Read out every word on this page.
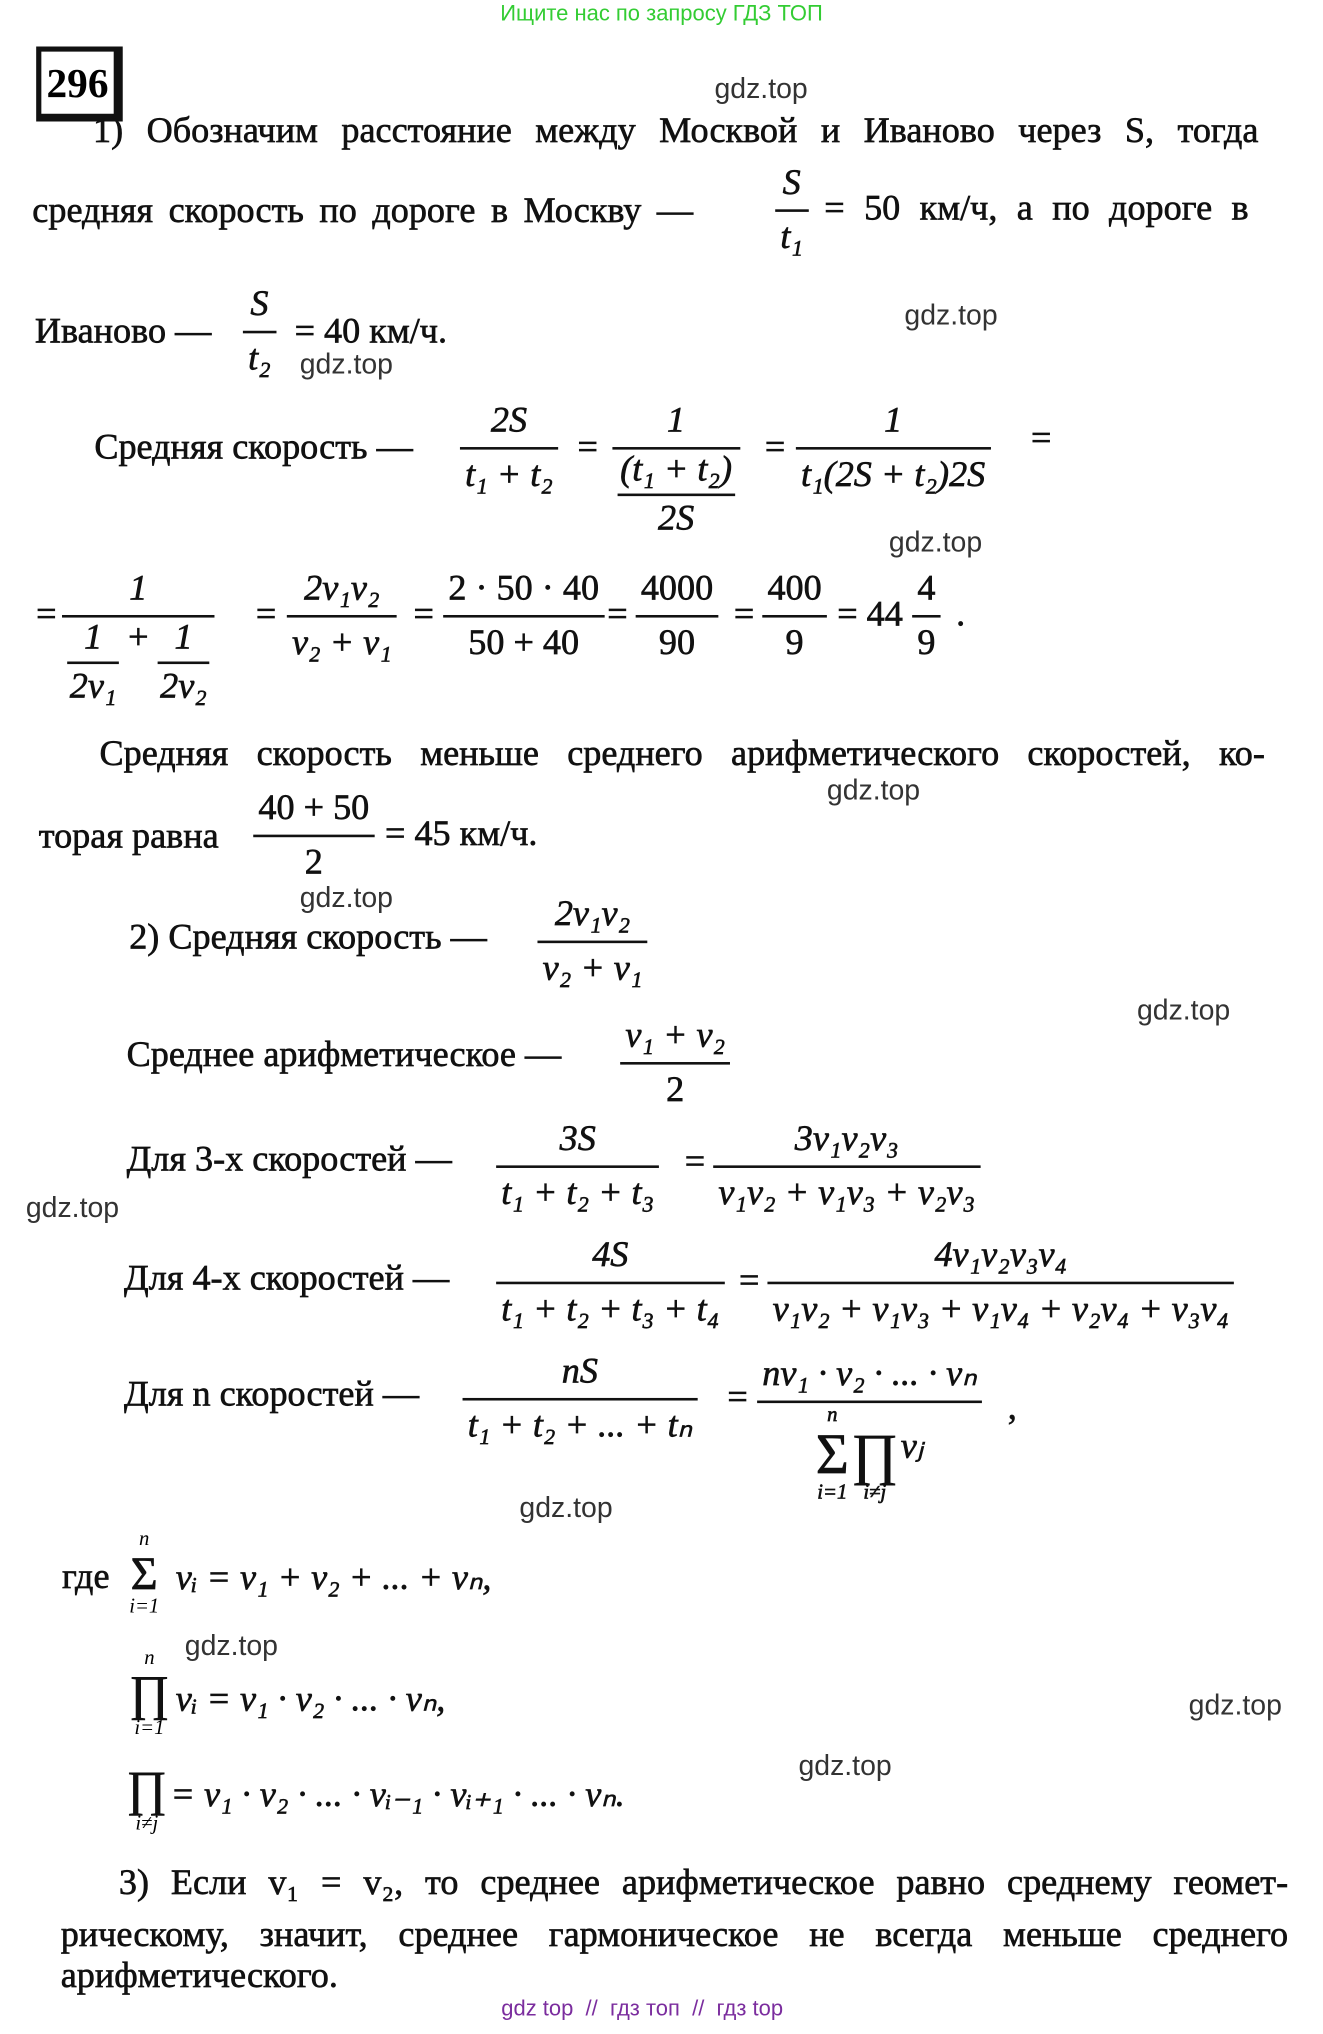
Ищите нас по запросу ГДЗ ТОП
296	gdz.top
gdz.top
gdz.top
gdz.top
gdz.top
gdz.top
gdz.top
gdz.top
gdz.top
gdz.top
gdz.top
gdz.top
1) Обозначим расстояние между Москвой и Иваново через S, тогда
средняя скорость по дороге в Москву —	$\frac{S}{\text{t₁}} = 50$ км/ч, а по дороге в
Иваново — $\frac{S}{\text{t₂}} = 40$ км/ч.
Средняя скорость — $\frac{2S}{\text{t₁ + t₂}} = \frac{1}{\frac{\text{(t₁ + t₂)}}{2S}} = \frac{1}{\text{t₁(2S + t₂)2S}}$ =
= $\frac{1}{\frac{1}{\text{2v₁}} + \frac{1}{\text{2v₂}}} = \frac{\text{2v₁v₂}}{\text{v₂ + v₁}} = \frac{2 \cdot 50 \cdot 40}{50 + 40} = \frac{4000}{90} = \frac{400}{9} = 44 \frac{4}{9}$ .
Средняя скорость меньше среднего арифметического скоростей, ко-
торая равна $\frac{40 + 50}{2} = 45$ км/ч.
2) Средняя скорость — $\frac{\text{2v₁v₂}}{\text{v₂ + v₁}}$
Среднее арифметическое — $\frac{\text{v₁ + v₂}}{2}$
Для 3-х скоростей — $\frac{3S}{\text{t₁ + t₂ + t₃}} = \frac{\text{3v₁v₂v₃}}{\text{v₁v₂ + v₁v₃ + v₂v₃}}$
Для 4-х скоростей — $\frac{4S}{\text{t₁ + t₂ + t₃ + t₄}} = \frac{\text{4v₁v₂v₃v₄}}{\text{v₁v₂ + v₁v₃ + v₁v₄ + v₂v₄ + v₃v₄}}$
Для n скоростей — $\frac{nS}{\text{t₁ + t₂ + ... + tₙ}}$ =
nv₁ · v₂ · ... · vₙ
n
Σ
i=1
∏
i≠j
vⱼ
,
где
n
Σ
i=1
vᵢ = v₁ + v₂ + ... + vₙ,
n
∏
i=1
vᵢ = v₁ · v₂ · ... · vₙ,
∏
i≠j
= v₁ · v₂ · ... · vᵢ₋₁ · vᵢ₊₁ · ... · vₙ.
3) Если v₁ = v₂, то среднее арифметическое равно среднему геомет-
рическому, значит, среднее гармоническое не всегда меньше среднего
арифметического.
gdz top  //  гдз топ  //  гдз top
